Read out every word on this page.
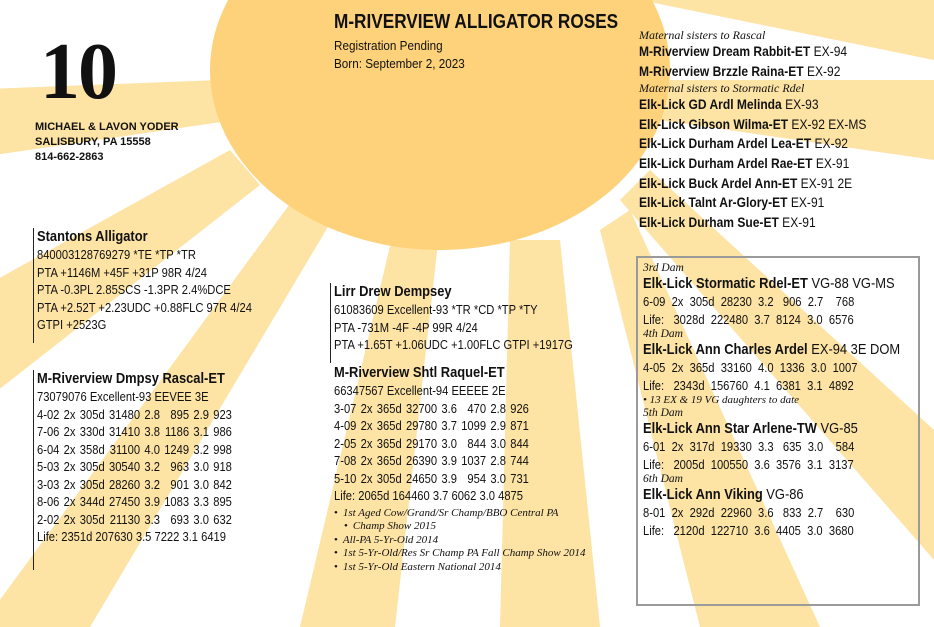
10
MICHAEL & LAVON YODER
SALISBURY, PA 15558
814-662-2863
M-RIVERVIEW ALLIGATOR ROSES
Registration Pending
Born: September 2, 2023
Stantons Alligator
840003128769279 *TE *TP *TR
PTA +1146M +45F +31P 98R 4/24
PTA -0.3PL 2.85SCS -1.3PR 2.4%DCE
PTA +2.52T +2.23UDC +0.88FLC 97R 4/24
GTPI +2523G
M-Riverview Dmpsy Rascal-ET
73079076 Excellent-93 EEVEE 3E
4-02	2x	305d	31480	2.8	895	2.9	923
7-06	2x	330d	31410	3.8	1186	3.1	986
6-04	2x	358d	31100	4.0	1249	3.2	998
5-03	2x	305d	30540	3.2	963	3.0	918
3-03	2x	305d	28260	3.2	901	3.0	842
8-06	2x	344d	27450	3.9	1083	3.3	895
2-02	2x	305d	21130	3.3	693	3.0	632
Life: 2351d 207630 3.5 7222 3.1 6419
Lirr Drew Dempsey
61083609 Excellent-93 *TR *CD *TP *TY
PTA -731M -4F -4P 99R 4/24
PTA +1.65T +1.06UDC +1.00FLC GTPI +1917G
M-Riverview Shtl Raquel-ET
66347567 Excellent-94 EEEEE 2E
3-07	2x	365d	32700	3.6	470	2.8	926
4-09	2x	365d	29780	3.7	1099	2.9	871
2-05	2x	365d	29170	3.0	844	3.0	844
7-08	2x	365d	26390	3.9	1037	2.8	744
5-10	2x	305d	24650	3.9	954	3.0	731
Life: 2065d 164460 3.7 6062 3.0 4875
• 1st Aged Cow/Grand/Sr Champ/BBO Central PA
• Champ Show 2015
• All-PA 5-Yr-Old 2014
• 1st 5-Yr-Old/Res Sr Champ PA Fall Champ Show 2014
• 1st 5-Yr-Old Eastern National 2014
Maternal sisters to Rascal
M-Riverview Dream Rabbit-ET EX-94
M-Riverview Brzzle Raina-ET EX-92
Maternal sisters to Stormatic Rdel
Elk-Lick GD Ardl Melinda EX-93
Elk-Lick Gibson Wilma-ET EX-92 EX-MS
Elk-Lick Durham Ardel Lea-ET EX-92
Elk-Lick Durham Ardel Rae-ET EX-91
Elk-Lick Buck Ardel Ann-ET EX-91 2E
Elk-Lick Talnt Ar-Glory-ET EX-91
Elk-Lick Durham Sue-ET EX-91
3rd Dam
Elk-Lick Stormatic Rdel-ET VG-88 VG-MS
6-09  2x  305d  28230  3.2   906  2.7    768
Life:   3028d  222480  3.7  8124  3.0  6576
4th Dam
Elk-Lick Ann Charles Ardel EX-94 3E DOM
4-05  2x  365d  33160  4.0  1336  3.0  1007
Life:   2343d  156760  4.1  6381  3.1  4892
• 13 EX & 19 VG daughters to date
5th Dam
Elk-Lick Ann Star Arlene-TW VG-85
6-01  2x  317d  19330  3.3   635  3.0    584
Life:   2005d  100550  3.6  3576  3.1  3137
6th Dam
Elk-Lick Ann Viking VG-86
8-01  2x  292d  22960  3.6   833  2.7    630
Life:   2120d  122710  3.6  4405  3.0  3680
